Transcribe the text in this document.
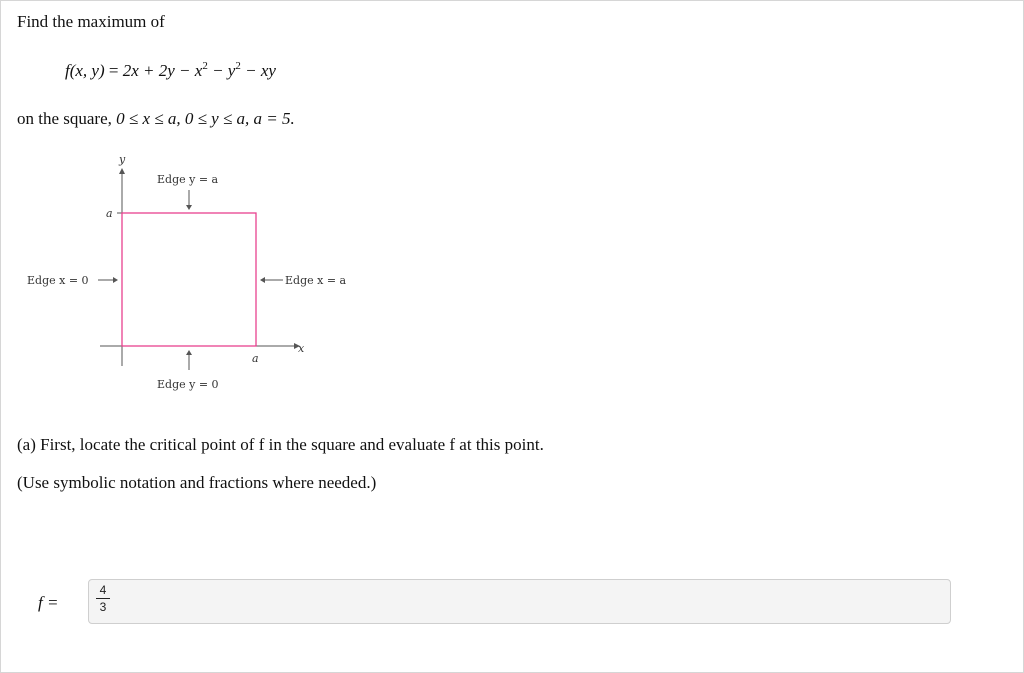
Find the maximum of
f(x, $y) = 2x + 2y - x^2 - y^2$ − xy
on the square, 0 ≤ x ≤ a, 0 ≤ y ≤ a, a = 5.
y
x
a
a
Edge y = a
Edge x = 0	Edge x = a
Edge y = 0
(a) First, locate the critical point of f in the square and evaluate f at this point.
(Use symbolic notation and fractions where needed.)
f =
4
3
